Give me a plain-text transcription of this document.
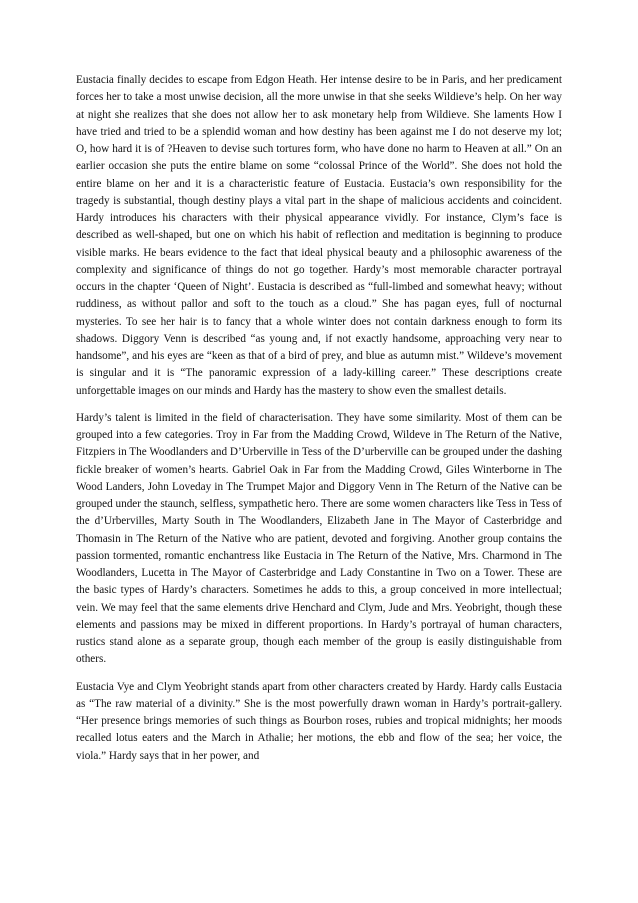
Eustacia finally decides to escape from Edgon Heath. Her intense desire to be in Paris, and her predicament forces her to take a most unwise decision, all the more unwise in that she seeks Wildieve’s help. On her way at night she realizes that she does not allow her to ask monetary help from Wildieve. She laments How I have tried and tried to be a splendid woman and how destiny has been against me I do not deserve my lot; O, how hard it is of ?Heaven to devise such tortures form, who have done no harm to Heaven at all.” On an earlier occasion she puts the entire blame on some “colossal Prince of the World”. She does not hold the entire blame on her and it is a characteristic feature of Eustacia. Eustacia’s own responsibility for the tragedy is substantial, though destiny plays a vital part in the shape of malicious accidents and coincident. Hardy introduces his characters with their physical appearance vividly. For instance, Clym’s face is described as well-shaped, but one on which his habit of reflection and meditation is beginning to produce visible marks. He bears evidence to the fact that ideal physical beauty and a philosophic awareness of the complexity and significance of things do not go together. Hardy’s most memorable character portrayal occurs in the chapter ‘Queen of Night’. Eustacia is described as “full-limbed and somewhat heavy; without ruddiness, as without pallor and soft to the touch as a cloud.” She has pagan eyes, full of nocturnal mysteries. To see her hair is to fancy that a whole winter does not contain darkness enough to form its shadows. Diggory Venn is described “as young and, if not exactly handsome, approaching very near to handsome”, and his eyes are “keen as that of a bird of prey, and blue as autumn mist.” Wildeve’s movement is singular and it is “The panoramic expression of a lady-killing career.” These descriptions create unforgettable images on our minds and Hardy has the mastery to show even the smallest details.

Hardy’s talent is limited in the field of characterisation. They have some similarity. Most of them can be grouped into a few categories. Troy in Far from the Madding Crowd, Wildeve in The Return of the Native, Fitzpiers in The Woodlanders and D’Urberville in Tess of the D’urberville can be grouped under the dashing fickle breaker of women’s hearts. Gabriel Oak in Far from the Madding Crowd, Giles Winterborne in The Wood Landers, John Loveday in The Trumpet Major and Diggory Venn in The Return of the Native can be grouped under the staunch, selfless, sympathetic hero. There are some women characters like Tess in Tess of the d’Urbervilles, Marty South in The Woodlanders, Elizabeth Jane in The Mayor of Casterbridge and Thomasin in The Return of the Native who are patient, devoted and forgiving. Another group contains the passion tormented, romantic enchantress like Eustacia in The Return of the Native, Mrs. Charmond in The Woodlanders, Lucetta in The Mayor of Casterbridge and Lady Constantine in Two on a Tower. These are the basic types of Hardy’s characters. Sometimes he adds to this, a group conceived in more intellectual; vein. We may feel that the same elements drive Henchard and Clym, Jude and Mrs. Yeobright, though these elements and passions may be mixed in different proportions. In Hardy’s portrayal of human characters, rustics stand alone as a separate group, though each member of the group is easily distinguishable from others.

Eustacia Vye and Clym Yeobright stands apart from other characters created by Hardy. Hardy calls Eustacia as “The raw material of a divinity.” She is the most powerfully drawn woman in Hardy’s portrait-gallery. “Her presence brings memories of such things as Bourbon roses, rubies and tropical midnights; her moods recalled lotus eaters and the March in Athalie; her motions, the ebb and flow of the sea; her voice, the viola.” Hardy says that in her power, and
